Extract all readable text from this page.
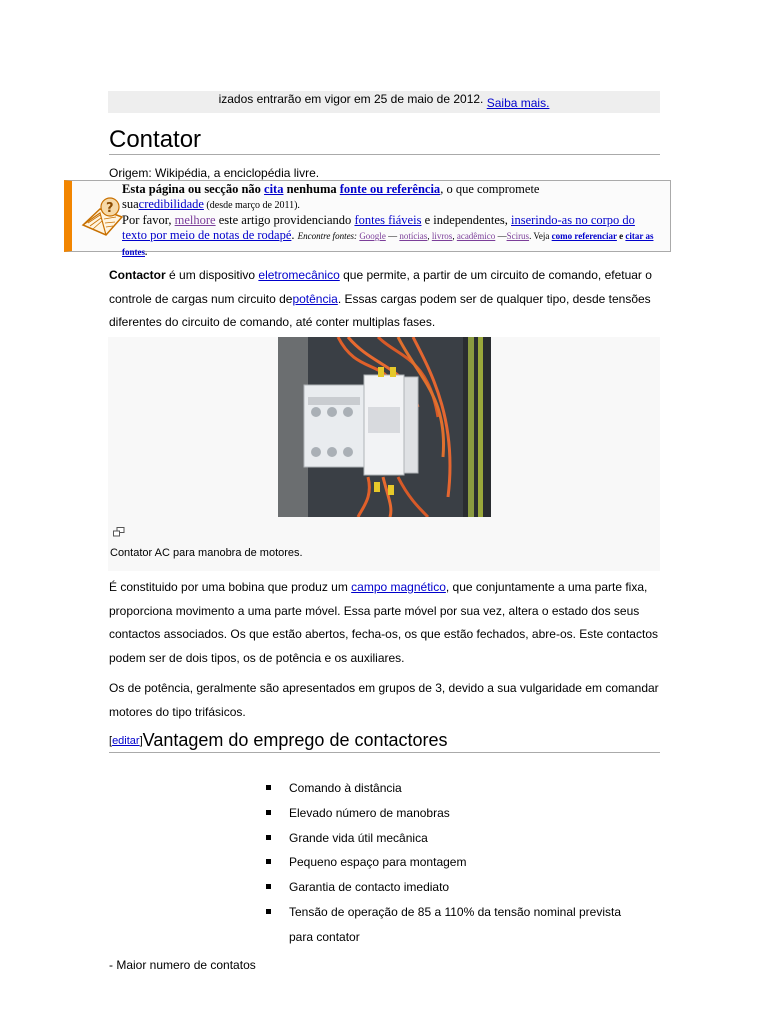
izados entrarão em vigor em 25 de maio de 2012. Saiba mais.
Contator
Origem: Wikipédia, a enciclopédia livre.
?
Esta página ou secção não cita nenhuma fonte ou referência, o que compromete
suacredibilidade (desde março de 2011).
Por favor, melhore este artigo providenciando fontes fiáveis e independentes, inserindo-as no corpo do texto por meio de notas de rodapé. Encontre fontes: Google — notícias, livros, acadêmico —Scirus. Veja como referenciar e citar as fontes.
Contactor é um dispositivo eletromecânico que permite, a partir de um circuito de comando, efetuar o controle de cargas num circuito depotência. Essas cargas podem ser de qualquer tipo, desde tensões diferentes do circuito de comando, até conter multiplas fases.
Contator AC para manobra de motores.
É constituido por uma bobina que produz um campo magnético, que conjuntamente a uma parte fixa, proporciona movimento a uma parte móvel. Essa parte móvel por sua vez, altera o estado dos seus contactos associados. Os que estão abertos, fecha-os, os que estão fechados, abre-os. Este contactos podem ser de dois tipos, os de potência e os auxiliares.
Os de potência, geralmente são apresentados em grupos de 3, devido a sua vulgaridade em comandar motores do tipo trifásicos.
[editar]Vantagem do emprego de contactores
Comando à distância
Elevado número de manobras
Grande vida útil mecânica
Pequeno espaço para montagem
Garantia de contacto imediato
Tensão de operação de 85 a 110% da tensão nominal prevista para contator
- Maior numero de contatos
